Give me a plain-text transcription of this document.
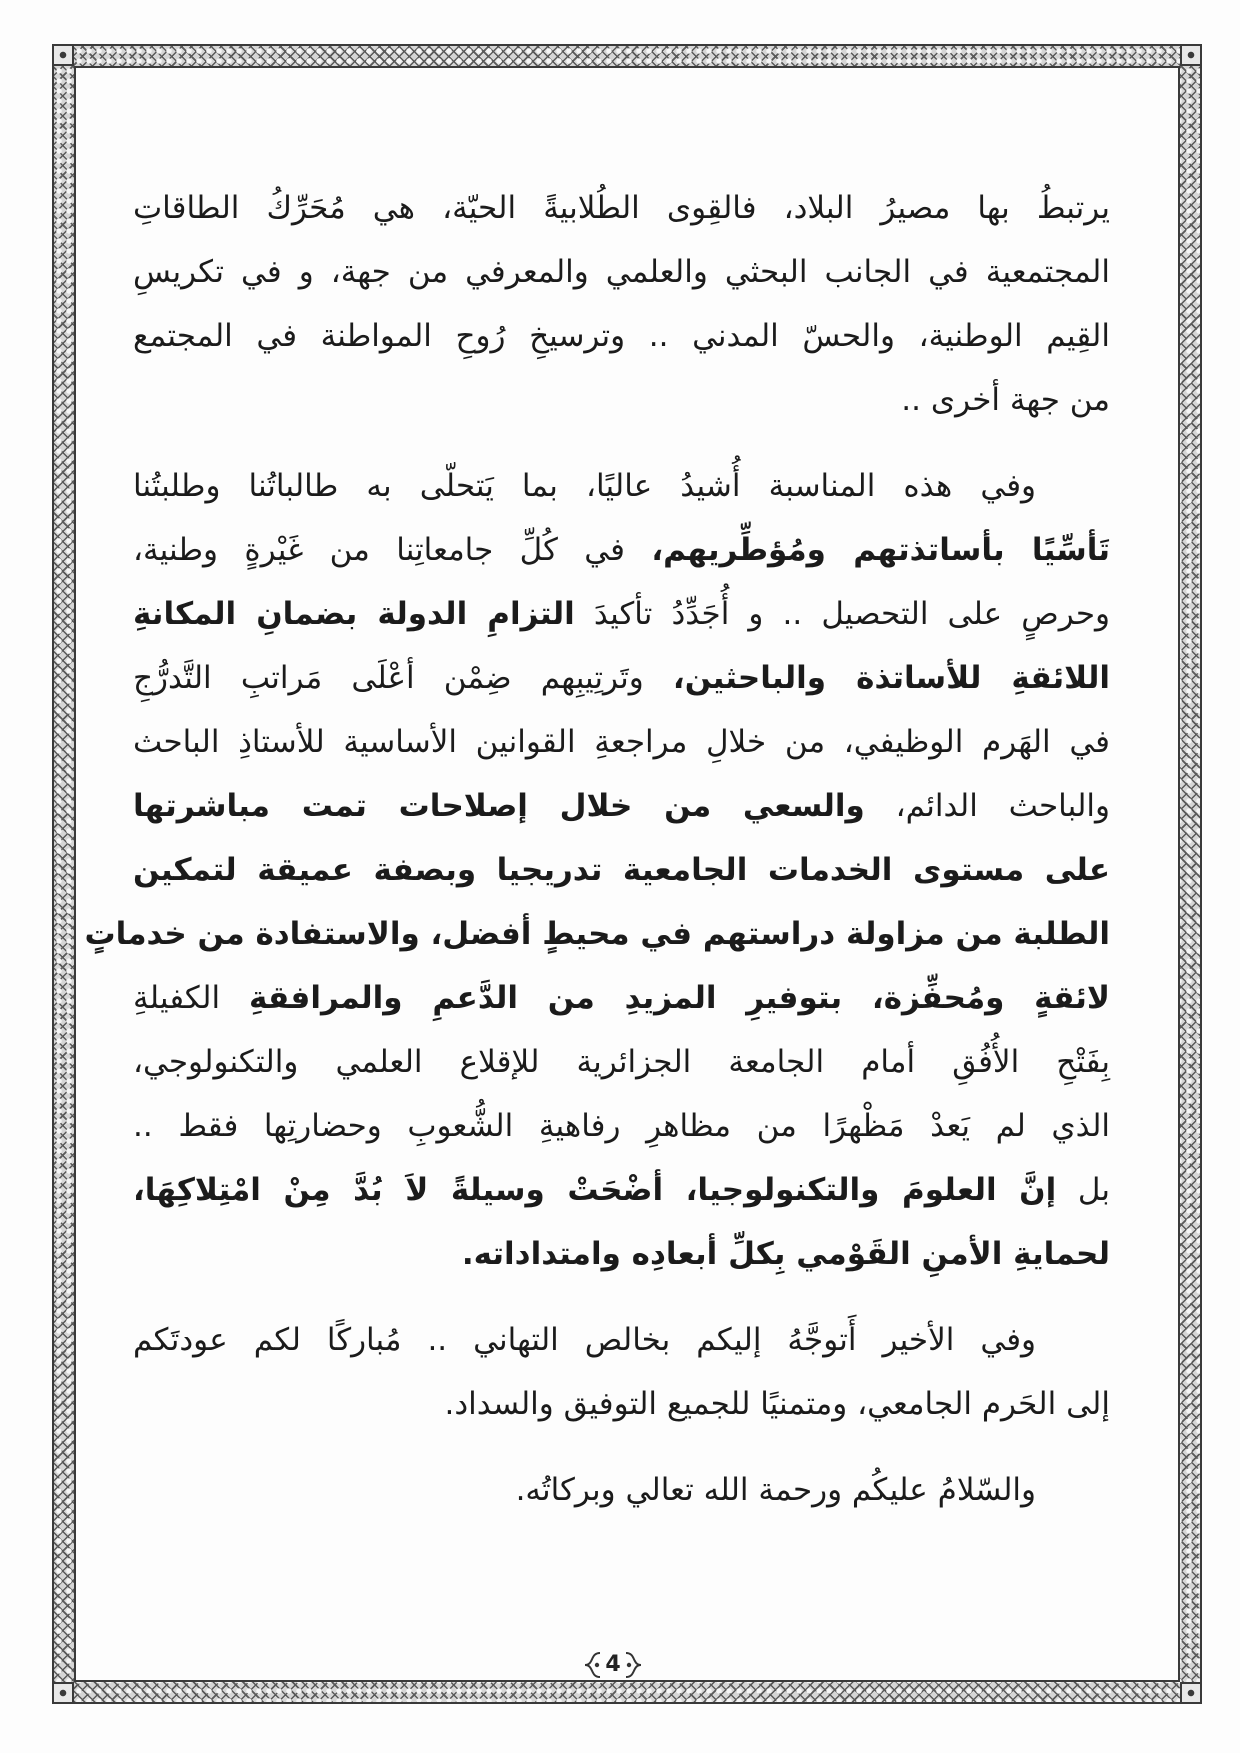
يرتبطُ بها مصيرُ البلاد، فالقِوى الطُلابيةً الحيّة، هي مُحَرِّكُ الطاقاتِ
المجتمعية في الجانب البحثي والعلمي والمعرفي من جهة، و في تكريسِ
القِيم الوطنية، والحسّ المدني .. وترسيخِ رُوحِ المواطنة في المجتمع
من جهة أخرى ..
وفي هذه المناسبة أُشيدُ عاليًا، بما يَتحلّى به طالباتُنا وطلبتُنا
تَأسِّيًا بأساتذتهم ومُؤطِّريهم، في كُلِّ جامعاتِنا من غَيْرةٍ وطنية،
وحرصٍ على التحصيل .. و أُجَدِّدُ تأكيدَ التزامِ الدولة بضمانِ المكانةِ
اللائقةِ للأساتذة والباحثين، وتَرتِيبِهم ضِمْن أعْلَى مَراتبِ التَّدرُّجِ
في الهَرم الوظيفي، من خلالِ مراجعةِ القوانين الأساسية للأستاذِ الباحث
والباحث الدائم، والسعي من خلال إصلاحات تمت مباشرتها
على مستوى الخدمات الجامعية تدريجيا وبصفة عميقة لتمكين
الطلبة من مزاولة دراستهم في محيطٍ أفضل، والاستفادة من خدماتٍ
لائقةٍ ومُحفِّزة، بتوفيرِ المزيدِ من الدَّعمِ والمرافقةِ الكفيلةِ
بِفَتْحِ الأُفُقِ أمام الجامعة الجزائرية للإقلاع العلمي والتكنولوجي،
الذي لم يَعدْ مَظْهرًا من مظاهرِ رفاهيةِ الشُّعوبِ وحضارتِها فقط ..
بل إنَّ العلومَ والتكنولوجيا، أضْحَتْ وسيلةً لاَ بُدَّ مِنْ امْتِلاكِهَا،
لحمايةِ الأمنِ القَوْمي بِكلِّ أبعادِه وامتداداته.
وفي الأخير أَتوجَّهُ إليكم بخالص التهاني .. مُباركًا لكم عودتَكم
إلى الحَرم الجامعي، ومتمنيًا للجميع التوفيق والسداد.
والسّلامُ عليكُم ورحمة الله تعالي وبركاتُه.
4
